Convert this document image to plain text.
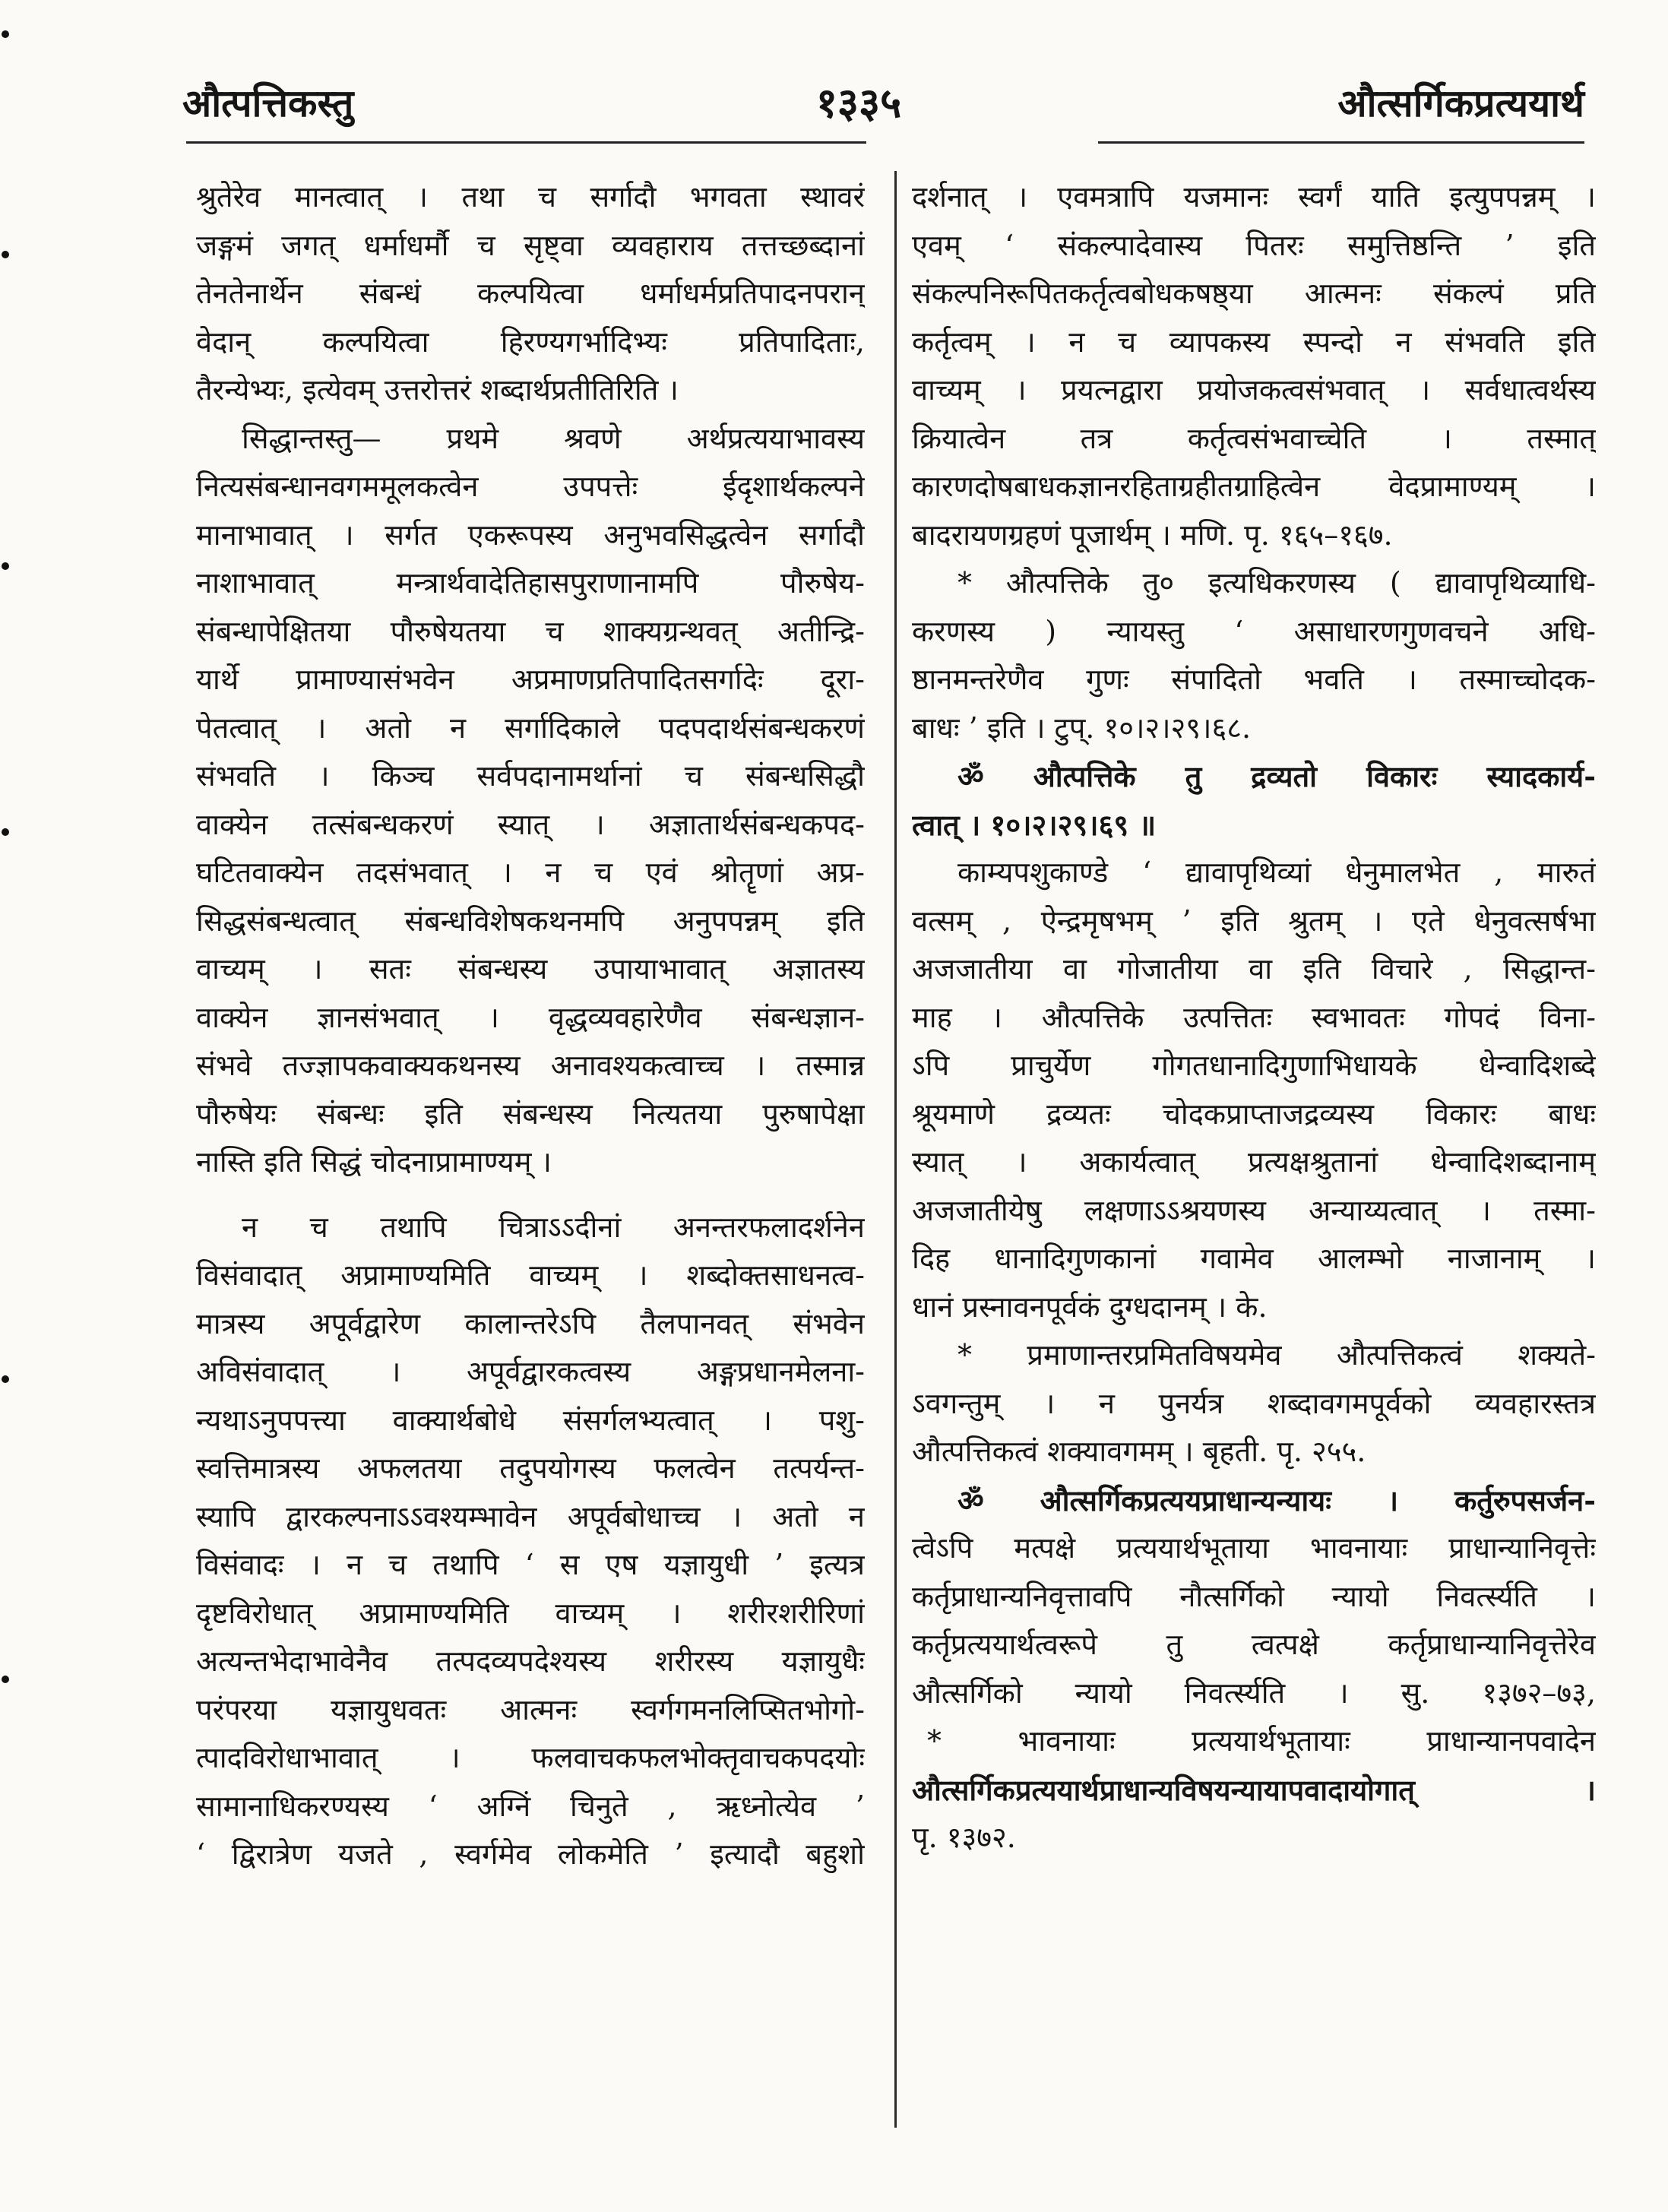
औत्पत्तिकस्तु	१३३५	औत्सर्गिकप्रत्ययार्थ
श्रुतेरेव मानत्वात् । तथा च सर्गादौ भगवता स्थावरं
जङ्गमं जगत् धर्माधर्मौ च सृष्ट्वा व्यवहाराय तत्तच्छब्दानां
तेनतेनार्थेन संबन्धं कल्पयित्वा धर्माधर्मप्रतिपादनपरान्
वेदान् कल्पयित्वा हिरण्यगर्भादिभ्यः प्रतिपादिताः,
तैरन्येभ्यः, इत्येवम् उत्तरोत्तरं शब्दार्थप्रतीतिरिति ।
सिद्धान्तस्तु— प्रथमे श्रवणे अर्थप्रत्ययाभावस्य
नित्यसंबन्धानवगममूलकत्वेन उपपत्तेः ईदृशार्थकल्पने
मानाभावात् । सर्गत एकरूपस्य अनुभवसिद्धत्वेन सर्गादौ
नाशाभावात् मन्त्रार्थवादेतिहासपुराणानामपि पौरुषेय-
संबन्धापेक्षितया पौरुषेयतया च शाक्यग्रन्थवत् अतीन्द्रि-
यार्थे प्रामाण्यासंभवेन अप्रमाणप्रतिपादितसर्गादेः दूरा-
पेतत्वात् । अतो न सर्गादिकाले पदपदार्थसंबन्धकरणं
संभवति । किञ्च सर्वपदानामर्थानां च संबन्धसिद्धौ
वाक्येन तत्संबन्धकरणं स्यात् । अज्ञातार्थसंबन्धकपद-
घटितवाक्येन तदसंभवात् । न च एवं श्रोतॄणां अप्र-
सिद्धसंबन्धत्वात् संबन्धविशेषकथनमपि अनुपपन्नम् इति
वाच्यम् । सतः संबन्धस्य उपायाभावात् अज्ञातस्य
वाक्येन ज्ञानसंभवात् । वृद्धव्यवहारेणैव संबन्धज्ञान-
संभवे तज्ज्ञापकवाक्यकथनस्य अनावश्यकत्वाच्च । तस्मान्न
पौरुषेयः संबन्धः इति संबन्धस्य नित्यतया पुरुषापेक्षा
नास्ति इति सिद्धं चोदनाप्रामाण्यम् ।
न च तथापि चित्राऽऽदीनां अनन्तरफलादर्शनेन
विसंवादात् अप्रामाण्यमिति वाच्यम् । शब्दोक्तसाधनत्व-
मात्रस्य अपूर्वद्वारेण कालान्तरेऽपि तैलपानवत् संभवेन
अविसंवादात् । अपूर्वद्वारकत्वस्य अङ्गप्रधानमेलना-
न्यथाऽनुपपत्त्या वाक्यार्थबोधे संसर्गलभ्यत्वात् । पशु-
स्वत्तिमात्रस्य अफलतया तदुपयोगस्य फलत्वेन तत्पर्यन्त-
स्यापि द्वारकल्पनाऽऽवश्यम्भावेन अपूर्वबोधाच्च । अतो न
विसंवादः । न च तथापि ‘ स एष यज्ञायुधी ’ इत्यत्र
दृष्टविरोधात् अप्रामाण्यमिति वाच्यम् । शरीरशरीरिणां
अत्यन्तभेदाभावेनैव तत्पदव्यपदेश्यस्य शरीरस्य यज्ञायुधैः
परंपरया यज्ञायुधवतः आत्मनः स्वर्गगमनलिप्सितभोगो-
त्पादविरोधाभावात् । फलवाचकफलभोक्तृवाचकपदयोः
सामानाधिकरण्यस्य ‘ अग्निं चिनुते , ऋध्नोत्येव ’
‘ द्विरात्रेण यजते , स्वर्गमेव लोकमेति ’ इत्यादौ बहुशो
दर्शनात् । एवमत्रापि यजमानः स्वर्गं याति इत्युपपन्नम् ।
एवम् ‘ संकल्पादेवास्य पितरः समुत्तिष्ठन्ति ’ इति
संकल्पनिरूपितकर्तृत्वबोधकषष्ठ्या आत्मनः संकल्पं प्रति
कर्तृत्वम् । न च व्यापकस्य स्पन्दो न संभवति इति
वाच्यम् । प्रयत्नद्वारा प्रयोजकत्वसंभवात् । सर्वधात्वर्थस्य
क्रियात्वेन तत्र कर्तृत्वसंभवाच्चेति । तस्मात्
कारणदोषबाधकज्ञानरहिताग्रहीतग्राहित्वेन वेदप्रामाण्यम् ।
बादरायणग्रहणं पूजार्थम् । मणि. पृ. १६५–१६७.
* औत्पत्तिके तु० इत्यधिकरणस्य ( द्यावापृथिव्याधि-
करणस्य ) न्यायस्तु ‘ असाधारणगुणवचने अधि-
ष्ठानमन्तरेणैव गुणः संपादितो भवति । तस्माच्चोदक-
बाधः ’ इति । टुप्. १०।२।२९।६८.
ॐ औत्पत्तिके तु द्रव्यतो विकारः स्यादकार्य-
त्वात् । १०।२।२९।६९ ॥
काम्यपशुकाण्डे ‘ द्यावापृथिव्यां धेनुमालभेत , मारुतं
वत्सम् , ऐन्द्रमृषभम् ’ इति श्रुतम् । एते धेनुवत्सर्षभा
अजजातीया वा गोजातीया वा इति विचारे , सिद्धान्त-
माह । औत्पत्तिके उत्पत्तितः स्वभावतः गोपदं विना-
ऽपि प्राचुर्येण गोगतधानादिगुणाभिधायके धेन्वादिशब्दे
श्रूयमाणे द्रव्यतः चोदकप्राप्ताजद्रव्यस्य विकारः बाधः
स्यात् । अकार्यत्वात् प्रत्यक्षश्रुतानां धेन्वादिशब्दानाम्
अजजातीयेषु लक्षणाऽऽश्रयणस्य अन्याय्यत्वात् । तस्मा-
दिह धानादिगुणकानां गवामेव आलम्भो नाजानाम् ।
धानं प्रस्नावनपूर्वकं दुग्धदानम् । के.
* प्रमाणान्तरप्रमितविषयमेव औत्पत्तिकत्वं शक्यते-
ऽवगन्तुम् । न पुनर्यत्र शब्दावगमपूर्वको व्यवहारस्तत्र
औत्पत्तिकत्वं शक्यावगमम् । बृहती. पृ. २५५.
ॐ औत्सर्गिकप्रत्ययप्राधान्यन्यायः । कर्तुरुपसर्जन-
त्वेऽपि मत्पक्षे प्रत्ययार्थभूताया भावनायाः प्राधान्यानिवृत्तेः
कर्तृप्राधान्यनिवृत्तावपि नौत्सर्गिको न्यायो निवर्त्स्यति ।
कर्तृप्रत्ययार्थत्वरूपे तु त्वत्पक्षे कर्तृप्राधान्यानिवृत्तेरेव
औत्सर्गिको न्यायो निवर्त्स्यति । सु. १३७२–७३,
* भावनायाः प्रत्ययार्थभूतायाः प्राधान्यानपवादेन
औत्सर्गिकप्रत्ययार्थप्राधान्यविषयन्यायापवादायोगात् ।
पृ. १३७२.
